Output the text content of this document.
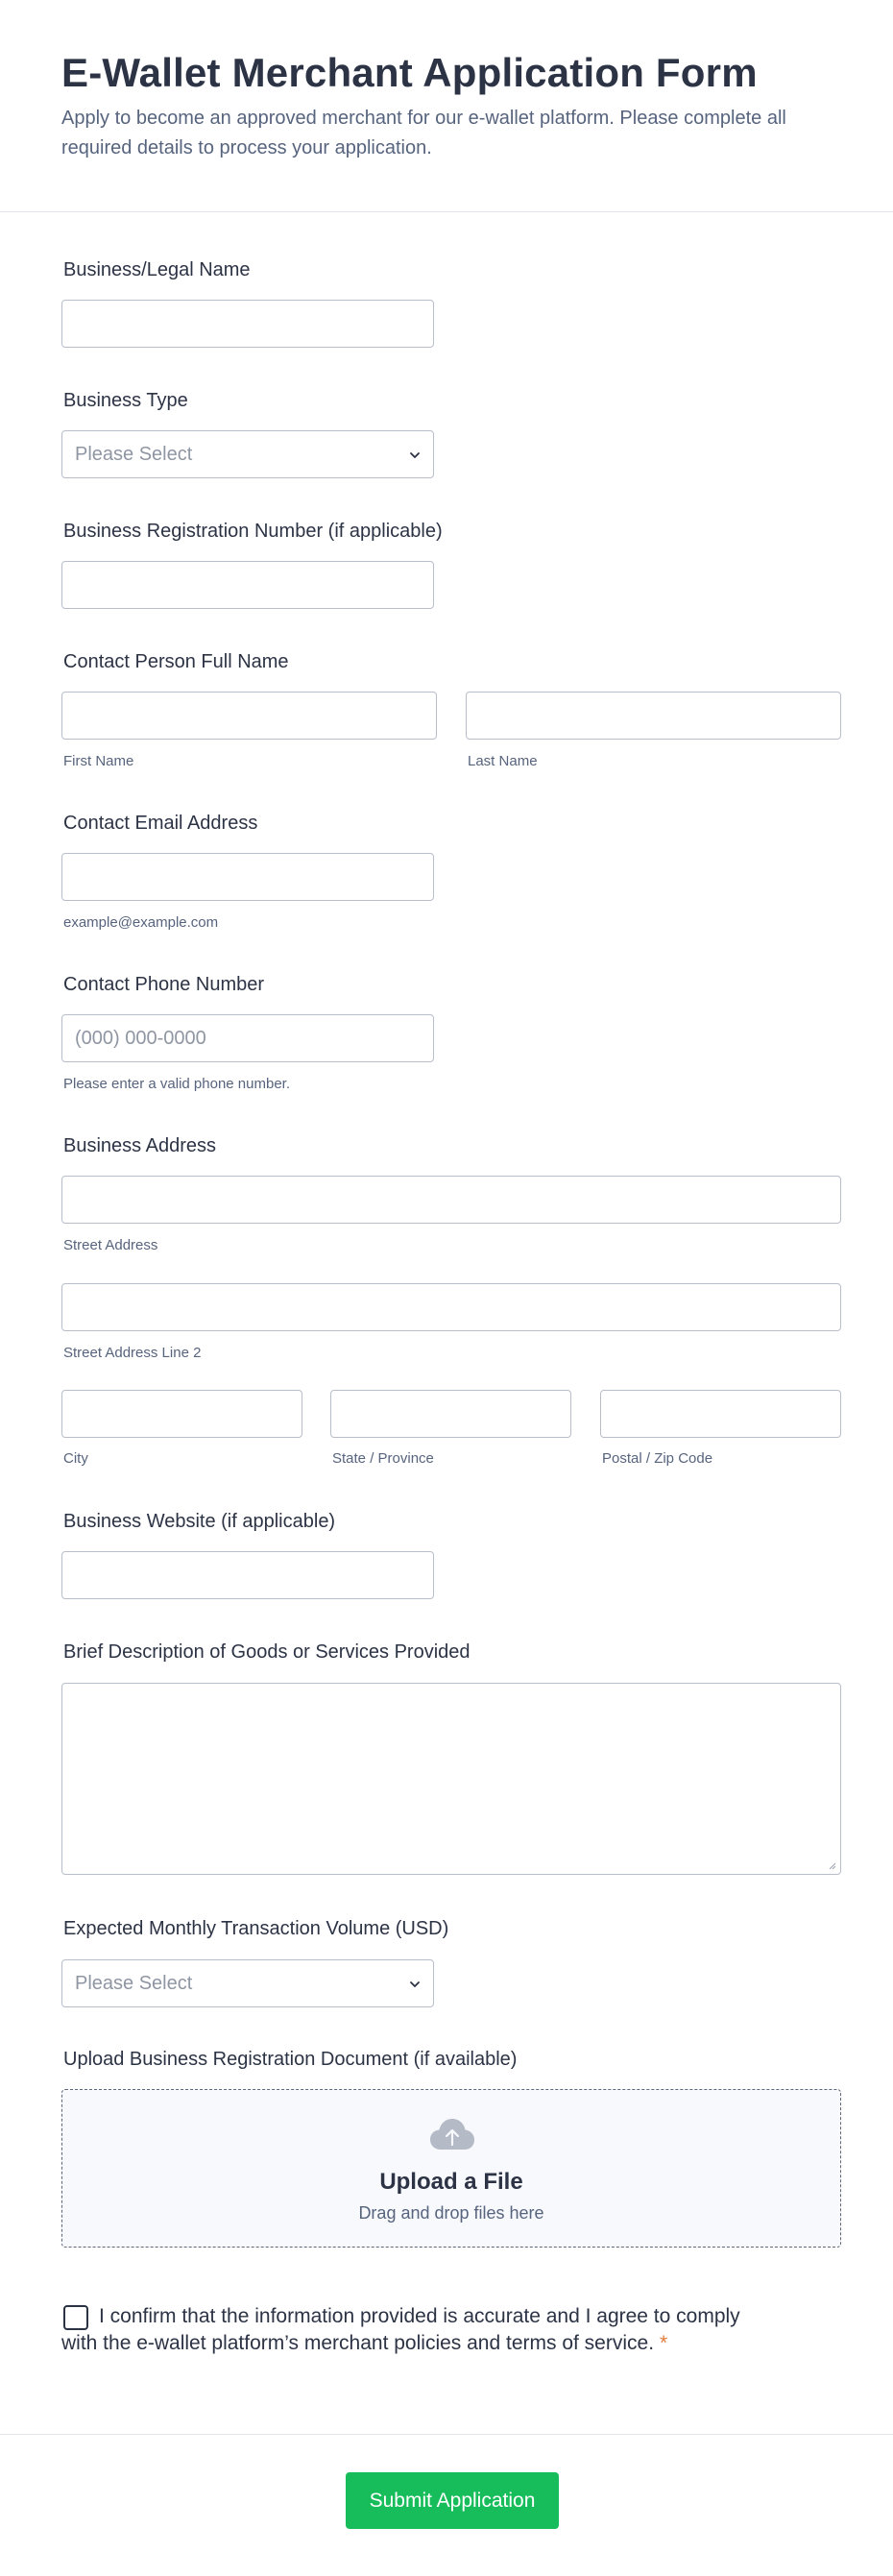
E-Wallet Merchant Application Form

Apply to become an approved merchant for our e-wallet platform. Please complete all required details to process your application.

Business/Legal Name
Business Type
Please Select
Business Registration Number (if applicable)
Contact Person Full Name
First Name	Last Name
Contact Email Address
example@example.com
Contact Phone Number
(000) 000-0000
Please enter a valid phone number.
Business Address
Street Address
Street Address Line 2
City	State / Province	Postal / Zip Code
Business Website (if applicable)
Brief Description of Goods or Services Provided
Expected Monthly Transaction Volume (USD)
Please Select
Upload Business Registration Document (if available)
Upload a File
Drag and drop files here
I confirm that the information provided is accurate and I agree to comply with the e-wallet platform’s merchant policies and terms of service. *
Submit Application
